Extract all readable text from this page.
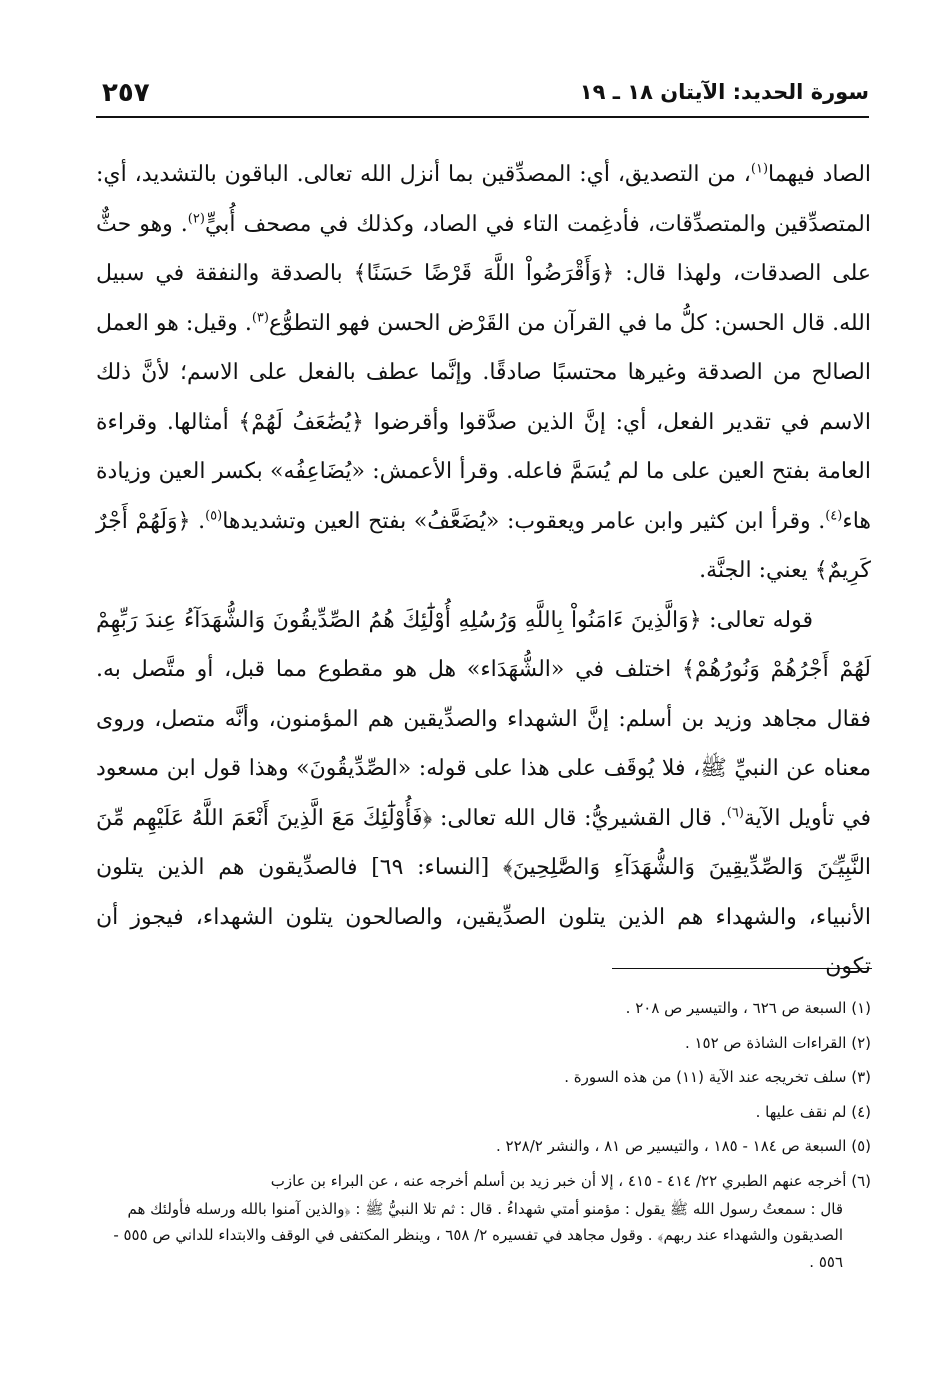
سورة الحديد: الآيتان ١٨ ـ ١٩
٢٥٧

الصاد فيهما$^{(١)}$، من التصديق، أي: المصدِّقين بما أنزل الله تعالى. الباقون بالتشديد، أي: المتصدِّقين والمتصدِّقات، فأدغِمت التاء في الصاد، وكذلك في مصحف أُبيٍّ$^{(٢)}$. وهو حثٌّ على الصدقات، ولهذا قال: ﴿وَأَقْرَضُواْ اللَّهَ قَرْضًا حَسَنًا﴾ بالصدقة والنفقة في سبيل الله. قال الحسن: كلُّ ما في القرآن من القَرْض الحسن فهو التطوُّع$^{(٣)}$. وقيل: هو العمل الصالح من الصدقة وغيرها محتسبًا صادقًا. وإنَّما عطف بالفعل على الاسم؛ لأنَّ ذلك الاسم في تقدير الفعل، أي: إنَّ الذين صدَّقوا وأقرضوا ﴿يُضَٰعَفُ لَهُمْ﴾ أمثالها. وقراءة العامة بفتح العين على ما لم يُسَمَّ فاعله. وقرأ الأعمش: «يُضَاعِفُه» بكسر العين وزيادة هاء$^{(٤)}$. وقرأ ابن كثير وابن عامر ويعقوب: «يُضَعَّفُ» بفتح العين وتشديدها$^{(٥)}$. ﴿وَلَهُمْ أَجْرٌ كَرِيمٌ﴾ يعني: الجنَّة.

قوله تعالى: ﴿وَالَّذِينَ ءَامَنُواْ بِاللَّهِ وَرُسُلِهِ أُوْلَٰٓئِكَ هُمُ الصِّدِّيقُونَ وَالشُّهَدَآءُ عِندَ رَبِّهِمْ لَهُمْ أَجْرُهُمْ وَنُورُهُمْ﴾ اختلف في «الشُّهَدَاء» هل هو مقطوع مما قبل، أو متَّصل به. فقال مجاهد وزيد بن أسلم: إنَّ الشهداء والصدِّيقين هم المؤمنون، وأنَّه متصل، وروى معناه عن النبيِّ ﷺ، فلا يُوقَف على هذا على قوله: «الصِّدِّيقُونَ» وهذا قول ابن مسعود في تأويل الآية$^{(٦)}$. قال القشيريُّ: قال الله تعالى: ﴿فَأُوْلَٰٓئِكَ مَعَ الَّذِينَ أَنْعَمَ اللَّهُ عَلَيْهِم مِّنَ النَّبِيِّـۧنَ وَالصِّدِّيقِينَ وَالشُّهَدَآءِ وَالصَّٰلِحِينَ﴾ [النساء: ٦٩] فالصدِّيقون هم الذين يتلون الأنبياء، والشهداء هم الذين يتلون الصدِّيقين، والصالحون يتلون الشهداء، فيجوز أن تكون

(١) السبعة ص ٦٢٦ ، والتيسير ص ٢٠٨ .

(٢) القراءات الشاذة ص ١٥٢ .

(٣) سلف تخريجه عند الآية (١١) من هذه السورة .

(٤) لم نقف عليها .

(٥) السبعة ص ١٨٤ - ١٨٥ ، والتيسير ص ٨١ ، والنشر ٢٢٨/٢ .

(٦) أخرجه عنهم الطبري ٢٢/ ٤١٤ - ٤١٥ ، إلا أن خبر زيد بن أسلم أخرجه عنه ، عن البراء بن عازب
قال : سمعتُ رسول الله ﷺ يقول : مؤمنو أمتي شهداءُ . قال : ثم تلا النبيُّ ﷺ : ﴿والذين آمنوا بالله ورسله فأولئك هم الصديقون والشهداء عند ربهم﴾ . وقول مجاهد في تفسيره ٢/ ٦٥٨ ، وينظر المكتفى في الوقف والابتداء للداني ص ٥٥٥ - ٥٥٦ .
